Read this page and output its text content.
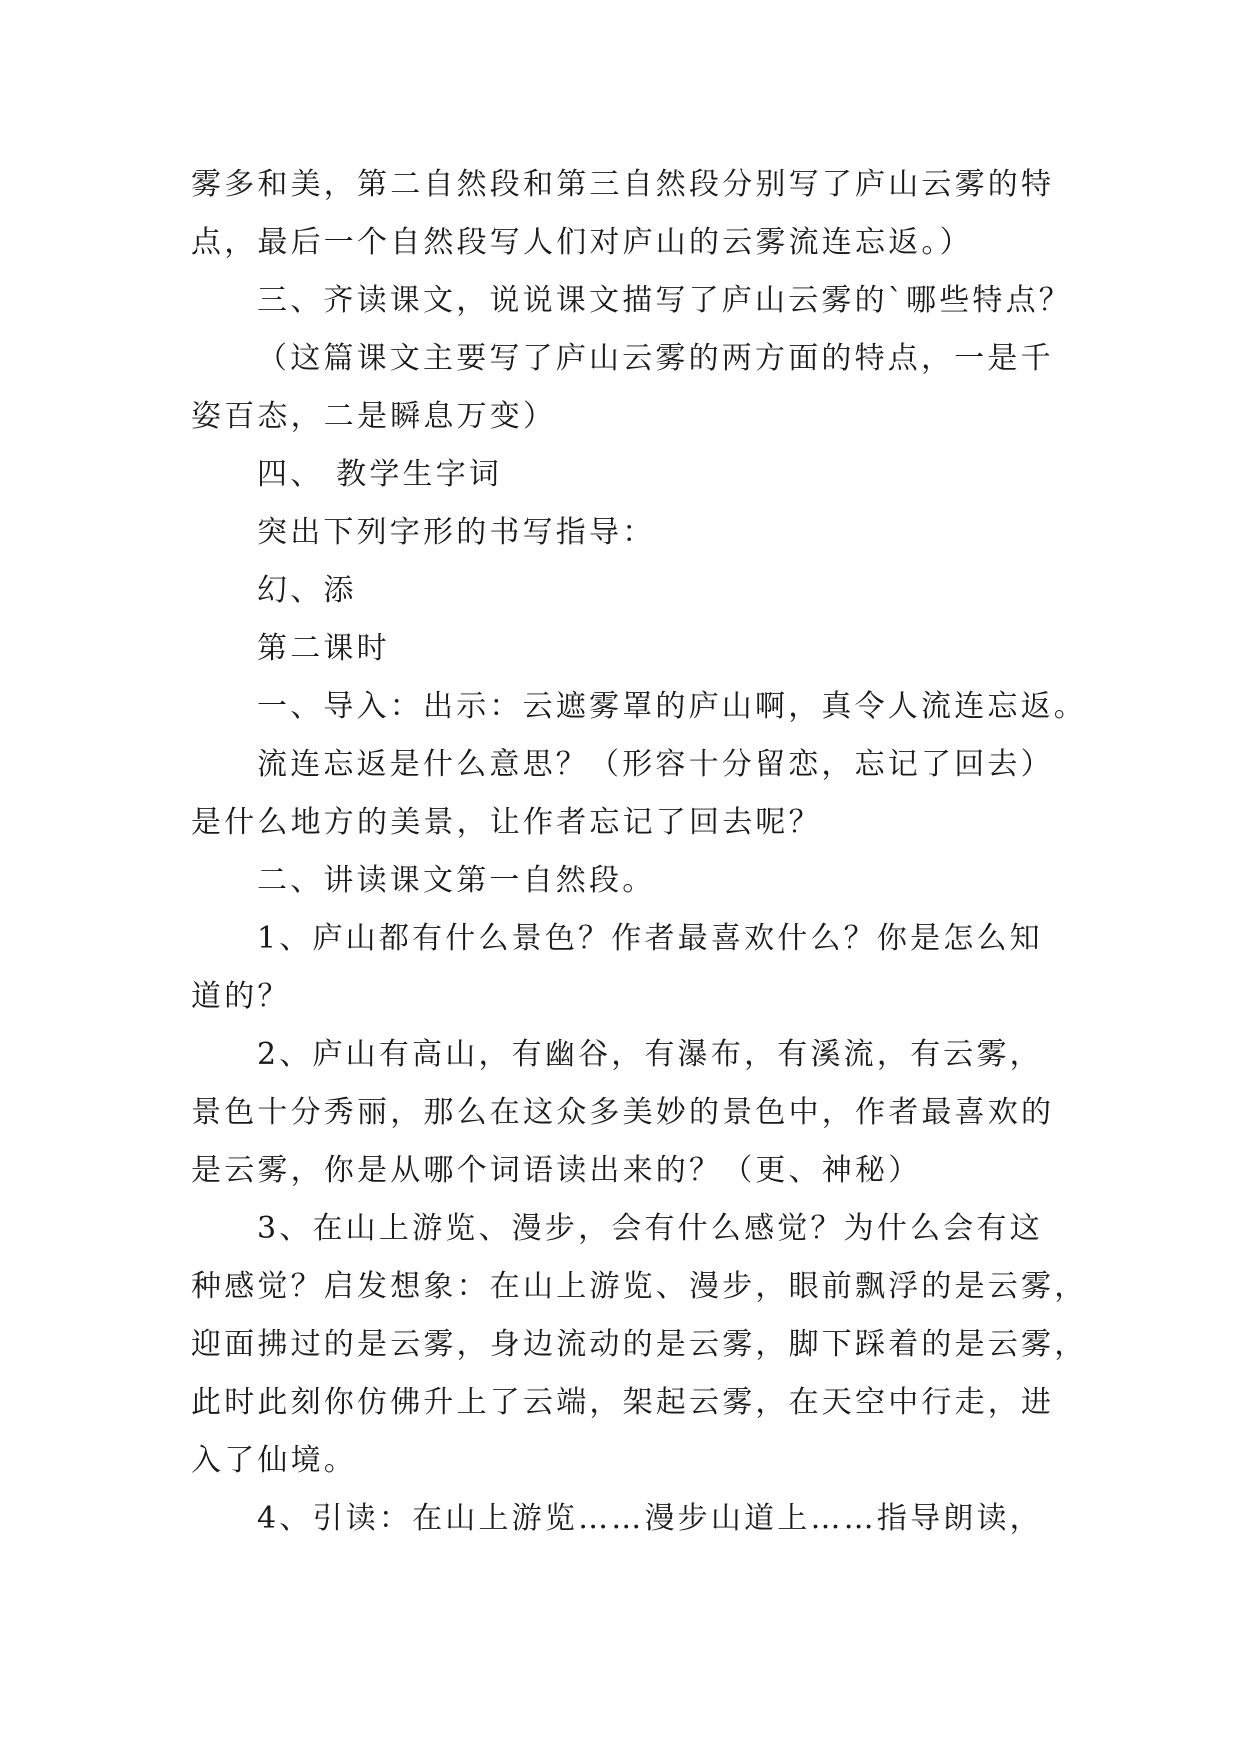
雾多和美，第二自然段和第三自然段分别写了庐山云雾的特
点，最后一个自然段写人们对庐山的云雾流连忘返。）
三、齐读课文，说说课文描写了庐山云雾的`哪些特点？
（这篇课文主要写了庐山云雾的两方面的特点，一是千
姿百态，二是瞬息万变）
四、 教学生字词
突出下列字形的书写指导：
幻、添
第二课时
一、导入：出示：云遮雾罩的庐山啊，真令人流连忘返。
流连忘返是什么意思？（形容十分留恋，忘记了回去）
是什么地方的美景，让作者忘记了回去呢？
二、讲读课文第一自然段。
1、庐山都有什么景色？作者最喜欢什么？你是怎么知
道的？
2、庐山有高山，有幽谷，有瀑布，有溪流，有云雾，
景色十分秀丽，那么在这众多美妙的景色中，作者最喜欢的
是云雾，你是从哪个词语读出来的？（更、神秘）
3、在山上游览、漫步，会有什么感觉？为什么会有这
种感觉？启发想象：在山上游览、漫步，眼前飘浮的是云雾，
迎面拂过的是云雾，身边流动的是云雾，脚下踩着的是云雾，
此时此刻你仿佛升上了云端，架起云雾，在天空中行走，进
入了仙境。
4、引读：在山上游览……漫步山道上……指导朗读，
